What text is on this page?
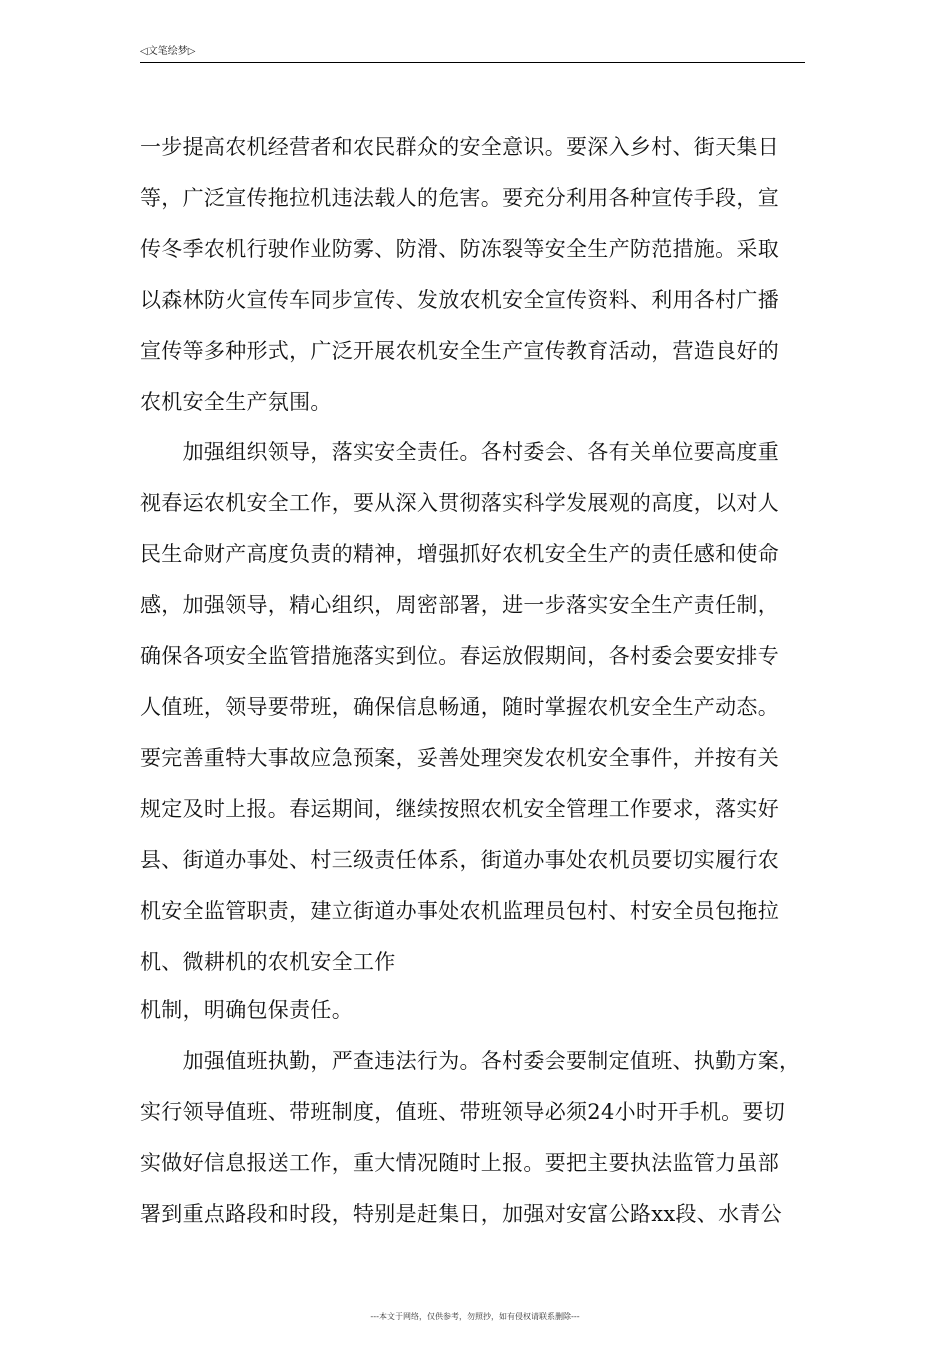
◁文笔绘梦▷
一步提高农机经营者和农民群众的安全意识。要深入乡村、街天集日
等，广泛宣传拖拉机违法载人的危害。要充分利用各种宣传手段，宣
传冬季农机行驶作业防雾、防滑、防冻裂等安全生产防范措施。采取
以森林防火宣传车同步宣传、发放农机安全宣传资料、利用各村广播
宣传等多种形式，广泛开展农机安全生产宣传教育活动，营造良好的
农机安全生产氛围。
　　加强组织领导，落实安全责任。各村委会、各有关单位要高度重
视春运农机安全工作，要从深入贯彻落实科学发展观的高度，以对人
民生命财产高度负责的精神，增强抓好农机安全生产的责任感和使命
感，加强领导，精心组织，周密部署，进一步落实安全生产责任制，
确保各项安全监管措施落实到位。春运放假期间，各村委会要安排专
人值班，领导要带班，确保信息畅通，随时掌握农机安全生产动态。
要完善重特大事故应急预案，妥善处理突发农机安全事件，并按有关
规定及时上报。春运期间，继续按照农机安全管理工作要求，落实好
县、街道办事处、村三级责任体系，街道办事处农机员要切实履行农
机安全监管职责，建立街道办事处农机监理员包村、村安全员包拖拉
机、微耕机的农机安全工作
机制，明确包保责任。
　　加强值班执勤，严查违法行为。各村委会要制定值班、执勤方案，
实行领导值班、带班制度，值班、带班领导必须24小时开手机。要切
实做好信息报送工作，重大情况随时上报。要把主要执法监管力虽部
署到重点路段和时段，特别是赶集日，加强对安富公路xx段、水青公
---本文于网络，仅供参考，勿照抄，如有侵权请联系删除---
